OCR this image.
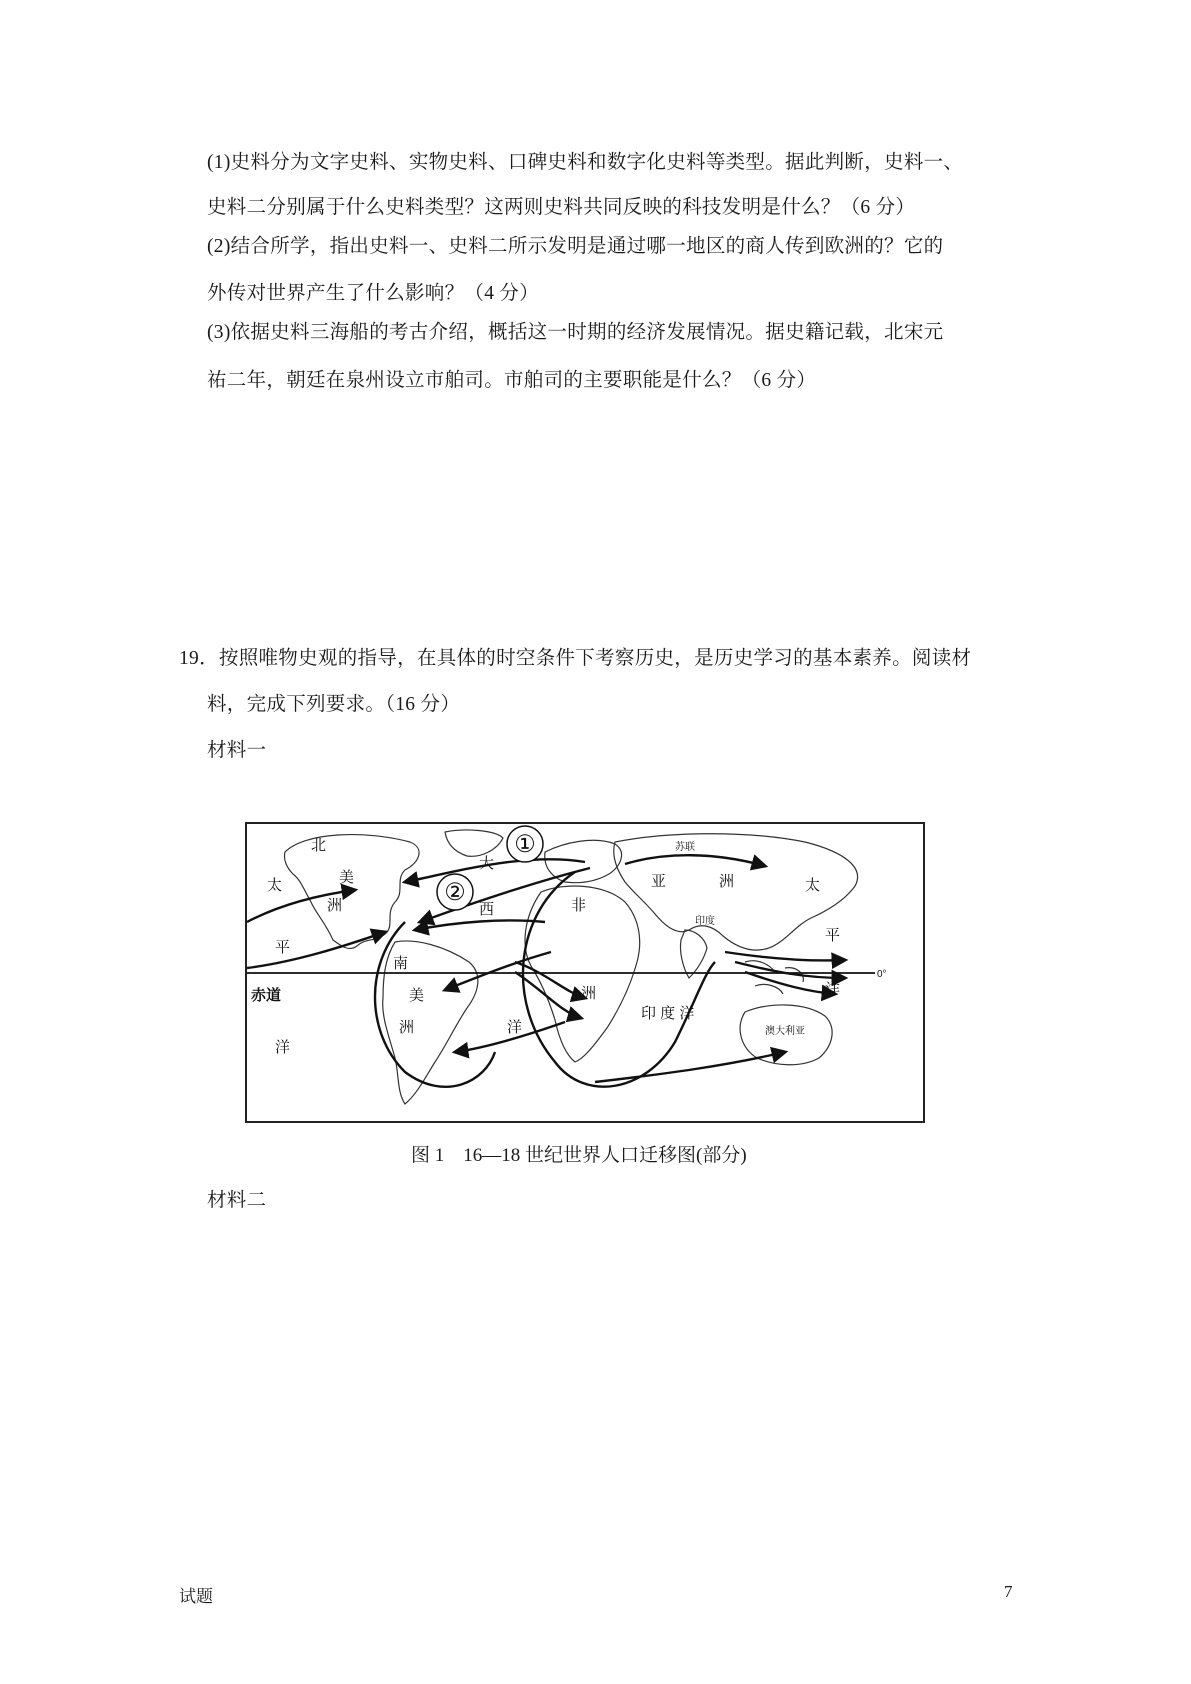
(1)史料分为文字史料、实物史料、口碑史料和数字化史料等类型。据此判断，史料一、
史料二分别属于什么史料类型？这两则史料共同反映的科技发明是什么？（6 分）
(2)结合所学，指出史料一、史料二所示发明是通过哪一地区的商人传到欧洲的？它的
外传对世界产生了什么影响？（4 分）
(3)依据史料三海船的考古介绍，概括这一时期的经济发展情况。据史籍记载，北宋元
祐二年，朝廷在泉州设立市舶司。市舶司的主要职能是什么？（6 分）
19．按照唯物史观的指导，在具体的时空条件下考察历史，是历史学习的基本素养。阅读材
料，完成下列要求。（16 分）
材料一
①
②
北
美
洲
太
平
洋
大
西
洋
南
美
洲
非
洲
亚	洲
苏联
印度
太
平
洋
印 度 洋
澳大利亚
赤道
0°
图 1　16—18 世纪世界人口迁移图(部分)
材料二
试题	7
